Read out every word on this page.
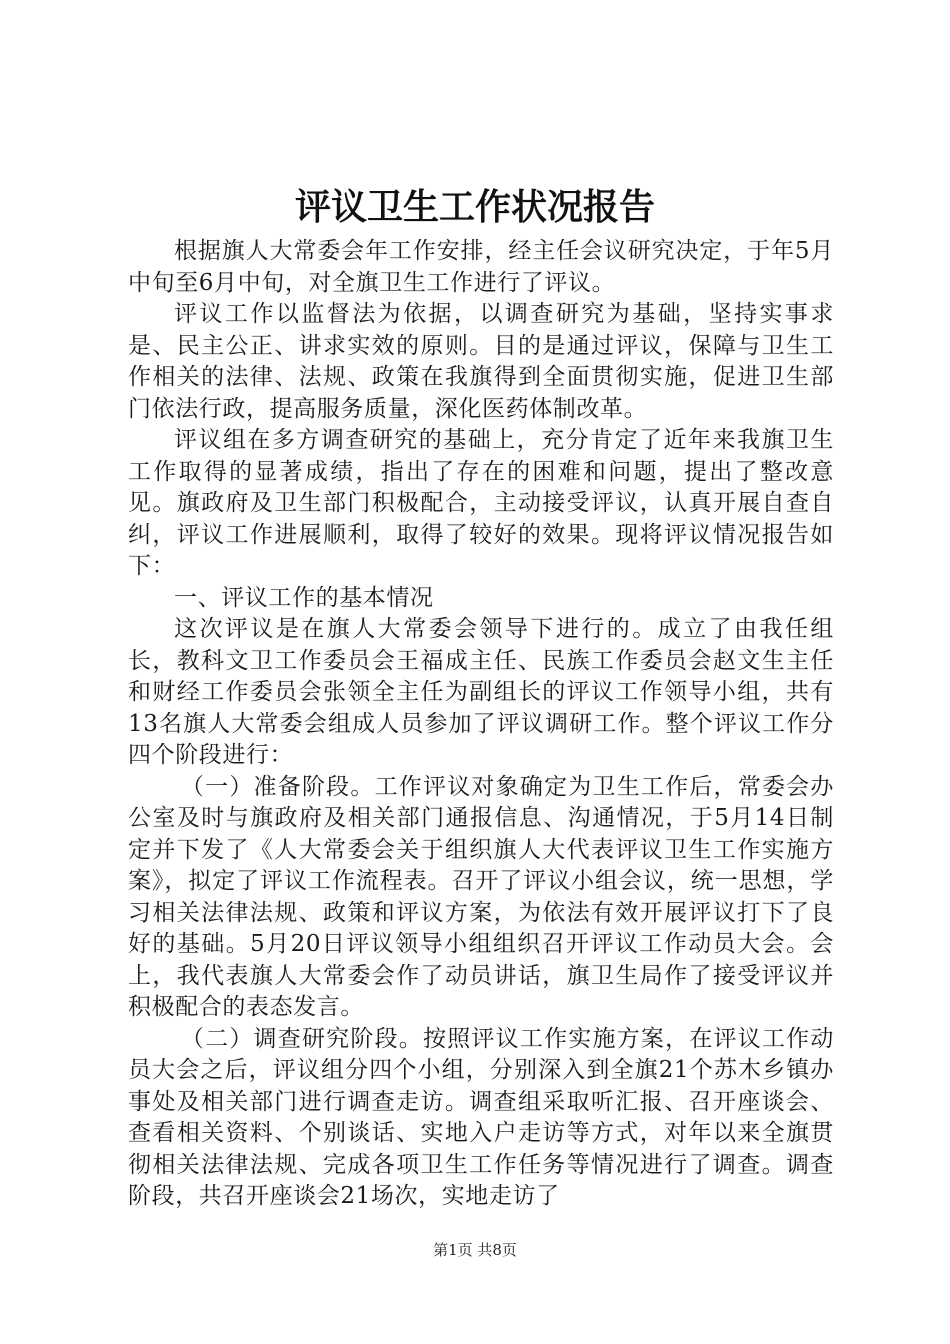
评议卫生工作状况报告

根据旗人大常委会年工作安排，经主任会议研究决定，于年5月中旬至6月中旬，对全旗卫生工作进行了评议。

评议工作以监督法为依据，以调查研究为基础，坚持实事求是、民主公正、讲求实效的原则。目的是通过评议，保障与卫生工作相关的法律、法规、政策在我旗得到全面贯彻实施，促进卫生部门依法行政，提高服务质量，深化医药体制改革。

评议组在多方调查研究的基础上，充分肯定了近年来我旗卫生工作取得的显著成绩，指出了存在的困难和问题，提出了整改意见。旗政府及卫生部门积极配合，主动接受评议，认真开展自查自纠，评议工作进展顺利，取得了较好的效果。现将评议情况报告如下：

一、评议工作的基本情况

这次评议是在旗人大常委会领导下进行的。成立了由我任组长，教科文卫工作委员会王福成主任、民族工作委员会赵文生主任和财经工作委员会张领全主任为副组长的评议工作领导小组，共有13名旗人大常委会组成人员参加了评议调研工作。整个评议工作分四个阶段进行：

（一）准备阶段。工作评议对象确定为卫生工作后，常委会办公室及时与旗政府及相关部门通报信息、沟通情况，于5月14日制定并下发了《人大常委会关于组织旗人大代表评议卫生工作实施方案》，拟定了评议工作流程表。召开了评议小组会议，统一思想，学习相关法律法规、政策和评议方案，为依法有效开展评议打下了良好的基础。5月20日评议领导小组组织召开评议工作动员大会。会上，我代表旗人大常委会作了动员讲话，旗卫生局作了接受评议并积极配合的表态发言。

（二）调查研究阶段。按照评议工作实施方案，在评议工作动员大会之后，评议组分四个小组，分别深入到全旗21个苏木乡镇办事处及相关部门进行调查走访。调查组采取听汇报、召开座谈会、查看相关资料、个别谈话、实地入户走访等方式，对年以来全旗贯彻相关法律法规、完成各项卫生工作任务等情况进行了调查。调查阶段，共召开座谈会21场次，实地走访了

第1页 共8页
